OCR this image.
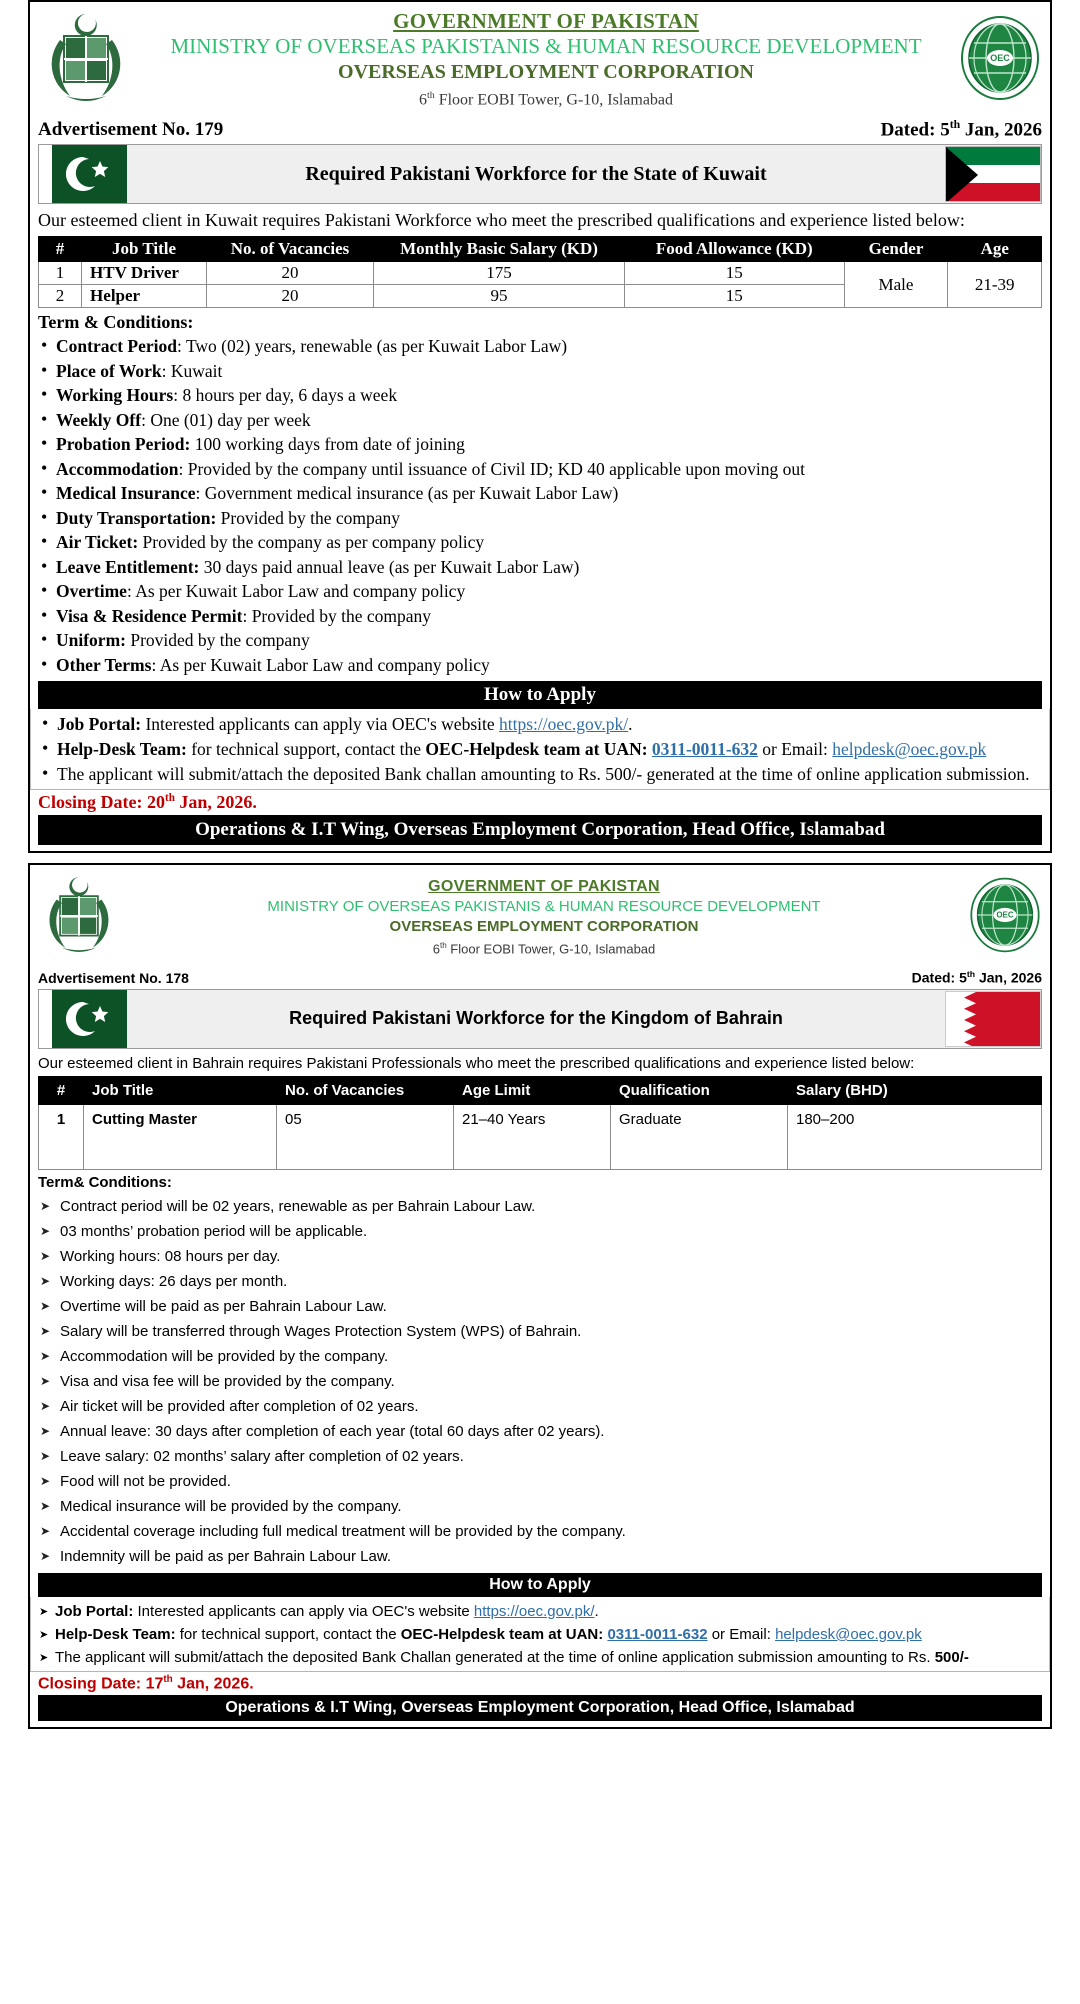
GOVERNMENT OF PAKISTAN
MINISTRY OF OVERSEAS PAKISTANIS & HUMAN RESOURCE DEVELOPMENT
OVERSEAS EMPLOYMENT CORPORATION
6th Floor EOBI Tower, G-10, Islamabad
OEC
Advertisement No. 179	Dated: 5th Jan, 2026
Required Pakistani Workforce for the State of Kuwait
Our esteemed client in Kuwait requires Pakistani Workforce who meet the prescribed qualifications and experience listed below:
#	Job Title	No. of Vacancies	Monthly Basic Salary (KD)	Food Allowance (KD)	Gender	Age
1	HTV Driver	20	175	15	Male	21-39
2	Helper	20	95	15		
Term & Conditions:
• Contract Period: Two (02) years, renewable (as per Kuwait Labor Law)
• Place of Work: Kuwait
• Working Hours: 8 hours per day, 6 days a week
• Weekly Off: One (01) day per week
• Probation Period: 100 working days from date of joining
• Accommodation: Provided by the company until issuance of Civil ID; KD 40 applicable upon moving out
• Medical Insurance: Government medical insurance (as per Kuwait Labor Law)
• Duty Transportation: Provided by the company
• Air Ticket: Provided by the company as per company policy
• Leave Entitlement: 30 days paid annual leave (as per Kuwait Labor Law)
• Overtime: As per Kuwait Labor Law and company policy
• Visa & Residence Permit: Provided by the company
• Uniform: Provided by the company
• Other Terms: As per Kuwait Labor Law and company policy
How to Apply
• Job Portal: Interested applicants can apply via OEC's website https://oec.gov.pk/.
• Help-Desk Team: for technical support, contact the OEC-Helpdesk team at UAN: 0311-0011-632 or Email: helpdesk@oec.gov.pk
• The applicant will submit/attach the deposited Bank challan amounting to Rs. 500/- generated at the time of online application submission.
Closing Date: 20th Jan, 2026.
Operations & I.T Wing, Overseas Employment Corporation, Head Office, Islamabad
GOVERNMENT OF PAKISTAN
MINISTRY OF OVERSEAS PAKISTANIS & HUMAN RESOURCE DEVELOPMENT
OVERSEAS EMPLOYMENT CORPORATION
6th Floor EOBI Tower, G-10, Islamabad
OEC
Advertisement No. 178	Dated: 5th Jan, 2026
Required Pakistani Workforce for the Kingdom of Bahrain
Our esteemed client in Bahrain requires Pakistani Professionals who meet the prescribed qualifications and experience listed below:
#	Job Title	No. of Vacancies	Age Limit	Qualification	Salary (BHD)
1	Cutting Master	05	21–40 Years	Graduate	180–200
Term& Conditions:
➤ Contract period will be 02 years, renewable as per Bahrain Labour Law.
➤ 03 months’ probation period will be applicable.
➤ Working hours: 08 hours per day.
➤ Working days: 26 days per month.
➤ Overtime will be paid as per Bahrain Labour Law.
➤ Salary will be transferred through Wages Protection System (WPS) of Bahrain.
➤ Accommodation will be provided by the company.
➤ Visa and visa fee will be provided by the company.
➤ Air ticket will be provided after completion of 02 years.
➤ Annual leave: 30 days after completion of each year (total 60 days after 02 years).
➤ Leave salary: 02 months’ salary after completion of 02 years.
➤ Food will not be provided.
➤ Medical insurance will be provided by the company.
➤ Accidental coverage including full medical treatment will be provided by the company.
➤ Indemnity will be paid as per Bahrain Labour Law.
How to Apply
➤ Job Portal: Interested applicants can apply via OEC's website https://oec.gov.pk/.
➤ Help-Desk Team: for technical support, contact the OEC-Helpdesk team at UAN: 0311-0011-632 or Email: helpdesk@oec.gov.pk
➤ The applicant will submit/attach the deposited Bank Challan generated at the time of online application submission amounting to Rs. 500/-
Closing Date: 17th Jan, 2026.
Operations & I.T Wing, Overseas Employment Corporation, Head Office, Islamabad
